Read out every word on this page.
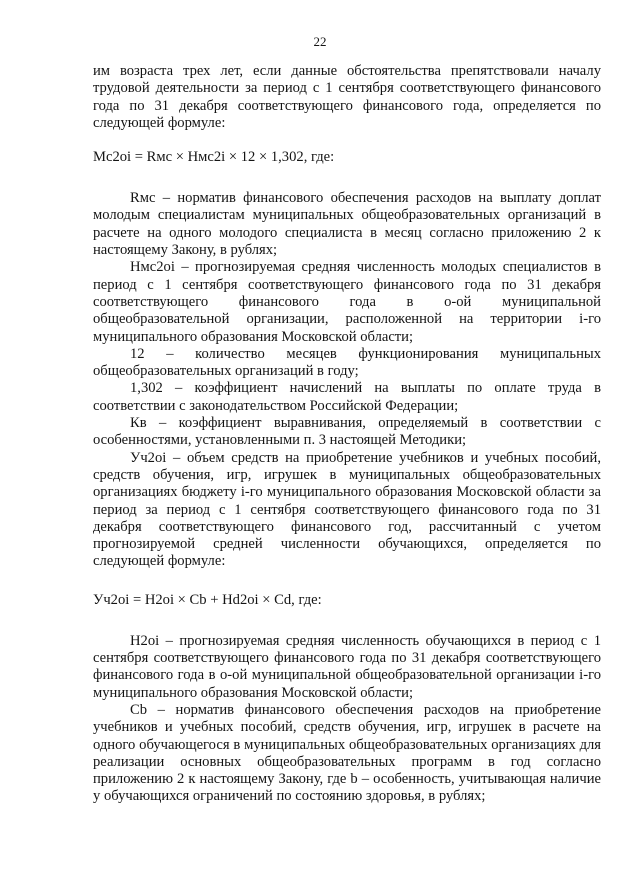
22

им возраста трех лет, если данные обстоятельства препятствовали началу трудовой деятельности за период с 1 сентября соответствующего финансового года по 31 декабря соответствующего финансового года, определяется по следующей формуле:

Мс2oi = Rмс × Нмс2i × 12 × 1,302, где:

Rмс – норматив финансового обеспечения расходов на выплату доплат молодым специалистам муниципальных общеобразовательных организаций в расчете на одного молодого специалиста в месяц согласно приложению 2 к настоящему Закону, в рублях;

Нмс2oi – прогнозируемая средняя численность молодых специалистов в период с 1 сентября соответствующего финансового года по 31 декабря соответствующего финансового года в о-ой муниципальной общеобразовательной организации, расположенной на территории i-го муниципального образования Московской области;

12 – количество месяцев функционирования муниципальных общеобразовательных организаций в году;

1,302 – коэффициент начислений на выплаты по оплате труда в соответствии с законодательством Российской Федерации;

Кв – коэффициент выравнивания, определяемый в соответствии с особенностями, установленными п. 3 настоящей Методики;

Уч2oi – объем средств на приобретение учебников и учебных пособий, средств обучения, игр, игрушек в муниципальных общеобразовательных организациях бюджету i-го муниципального образования Московской области за период за период с 1 сентября соответствующего финансового года по 31 декабря соответствующего финансового год, рассчитанный с учетом прогнозируемой средней численности обучающихся, определяется по следующей формуле:

Уч2oi = Н2oi × Cb + Нd2oi × Cd, где:

Н2oi – прогнозируемая средняя численность обучающихся в период с 1 сентября соответствующего финансового года по 31 декабря соответствующего финансового года в о-ой муниципальной общеобразовательной организации i-го муниципального образования Московской области;

Cb – норматив финансового обеспечения расходов на приобретение учебников и учебных пособий, средств обучения, игр, игрушек в расчете на одного обучающегося в муниципальных общеобразовательных организациях для реализации основных общеобразовательных программ в год согласно приложению 2 к настоящему Закону, где b – особенность, учитывающая наличие у обучающихся ограничений по состоянию здоровья, в рублях;
